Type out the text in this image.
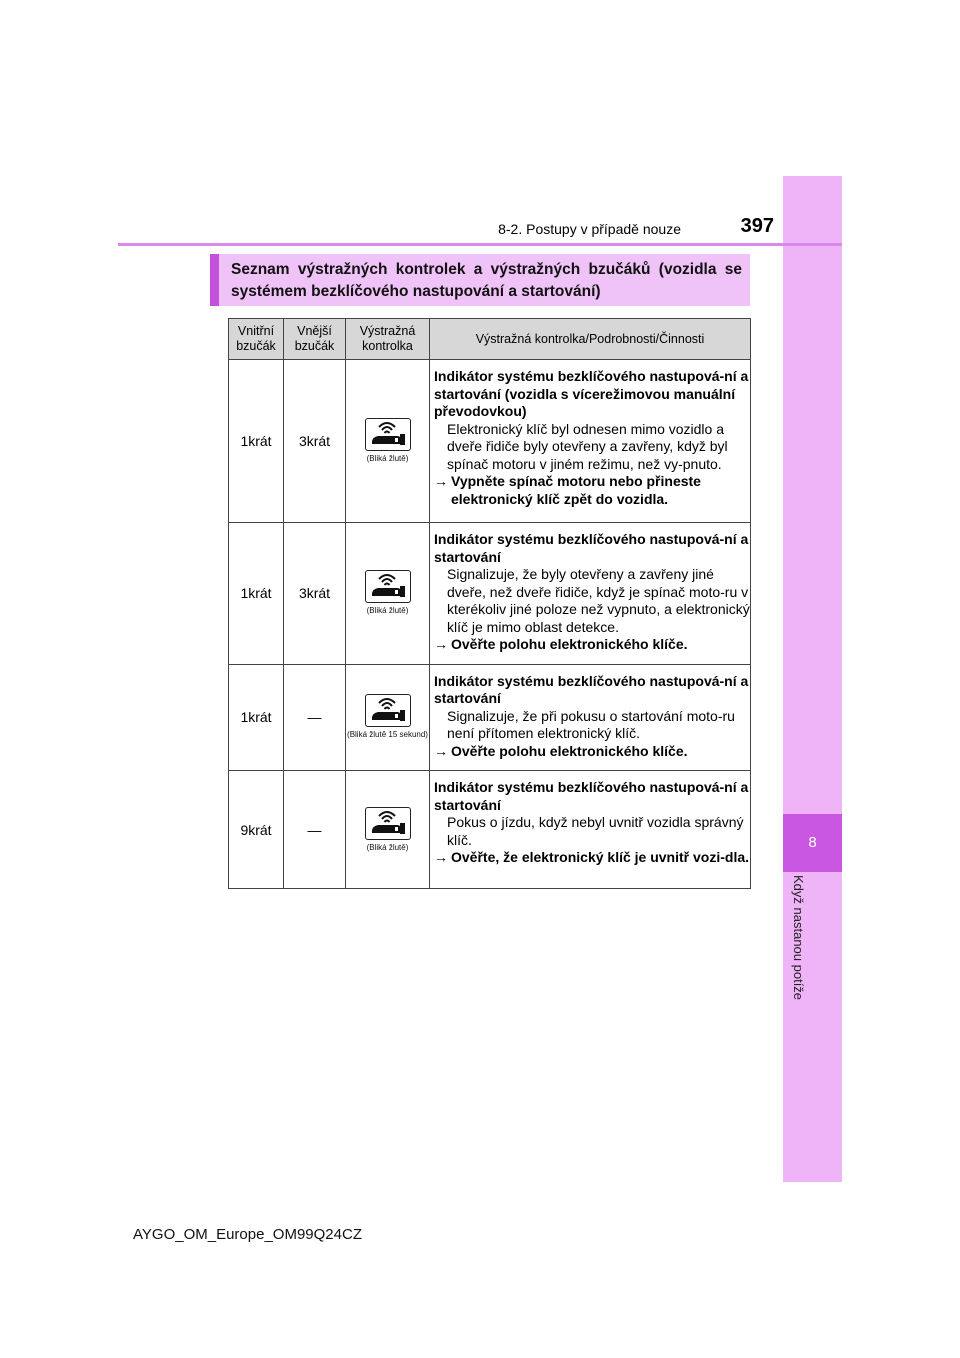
8
Když nastanou potíže
8-2. Postupy v případě nouze	397
Seznam výstražných kontrolek a výstražných bzučáků (vozidla se systémem bezklíčového nastupování a startování)
Vnitřní bzučák	Vnější bzučák	Výstražná kontrolka	Výstražná kontrolka/Podrobnosti/Činnosti
1krát	3krát	(Bliká žlutě)	Indikátor systému bezklíčového nastupová-ní a startování (vozidla s vícerežimovou manuální převodovkou)
Elektronický klíč byl odnesen mimo vozidlo a dveře řidiče byly otevřeny a zavřeny, když byl spínač motoru v jiném režimu, než vy-pnuto.
→ Vypněte spínač motoru nebo přineste elektronický klíč zpět do vozidla.

1krát	3krát	(Bliká žlutě)	Indikátor systému bezklíčového nastupová-ní a startování
Signalizuje, že byly otevřeny a zavřeny jiné dveře, než dveře řidiče, když je spínač moto-ru v kterékoliv jiné poloze než vypnuto, a elektronický klíč je mimo oblast detekce.
→ Ověřte polohu elektronického klíče.

1krát	—	(Bliká žlutě 15 sekund)	Indikátor systému bezklíčového nastupová-ní a startování
Signalizuje, že při pokusu o startování moto-ru není přítomen elektronický klíč.
→ Ověřte polohu elektronického klíče.

9krát	—	(Bliká žlutě)	Indikátor systému bezklíčového nastupová-ní a startování
Pokus o jízdu, když nebyl uvnitř vozidla správný klíč.
→ Ověřte, že elektronický klíč je uvnitř vozi-dla.
AYGO_OM_Europe_OM99Q24CZ
